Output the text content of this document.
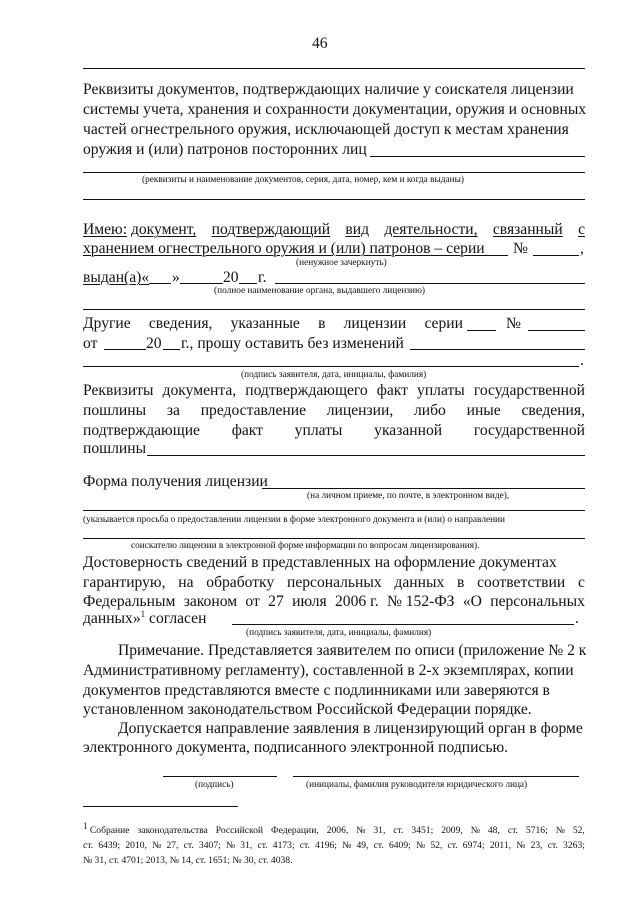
46
Реквизиты документов, подтверждающих наличие у соискателя лицензии
системы учета, хранения и сохранности документации, оружия и основных
частей огнестрельного оружия, исключающей доступ к местам хранения
оружия и (или) патронов посторонних лиц
(реквизиты и наименование документов, серия, дата, номер, кем и когда выданы)
Имею: документ, подтверждающий вид деятельности, связанный с
хранением огнестрельного оружия и (или) патронов – серии №	,
(ненужное зачеркнуть)
выдан(а)« »	20 г.
(полное наименование органа, выдавшего лицензию)
Другие сведения, указанные в лицензии серии	№
от	20 г., прошу оставить без изменений
.
(подпись заявителя, дата, инициалы, фамилия)
Реквизиты документа, подтверждающего факт уплаты государственной
пошлины за предоставление лицензии, либо иные сведения,
подтверждающие факт уплаты указанной государственной
пошлины
Форма получения лицензии
(на личном приеме, по почте, в электронном виде),
(указывается просьба о предоставлении лицензии в форме электронного документа и (или) о направлении
соискателю лицензии в электронной форме информации по вопросам лицензирования).
Достоверность сведений в представленных на оформление документах
гарантирую, на обработку персональных данных в соответствии с
Федеральным законом от 27 июля 2006 г. № 152-ФЗ «О персональных
данных»$^1$ согласен	.
(подпись заявителя, дата, инициалы, фамилия)
Примечание. Представляется заявителем по описи (приложение № 2 к
Административному регламенту), составленной в 2-х экземплярах, копии
документов представляются вместе с подлинниками или заверяются в
установленном законодательством Российской Федерации порядке.
Допускается направление заявления в лицензирующий орган в форме
электронного документа, подписанного электронной подписью.
(подпись)	(инициалы, фамилия руководителя юридического лица)
$^1$ Собрание законодательства Российской Федерации, 2006, № 31, ст. 3451; 2009, № 48, ст. 5716; № 52,
ст. 6439; 2010, № 27, ст. 3407; № 31, ст. 4173; ст. 4196; № 49, ст. 6409; № 52, ст. 6974; 2011, № 23, ст. 3263;
№ 31, ст. 4701; 2013, № 14, ст. 1651; № 30, ст. 4038.
